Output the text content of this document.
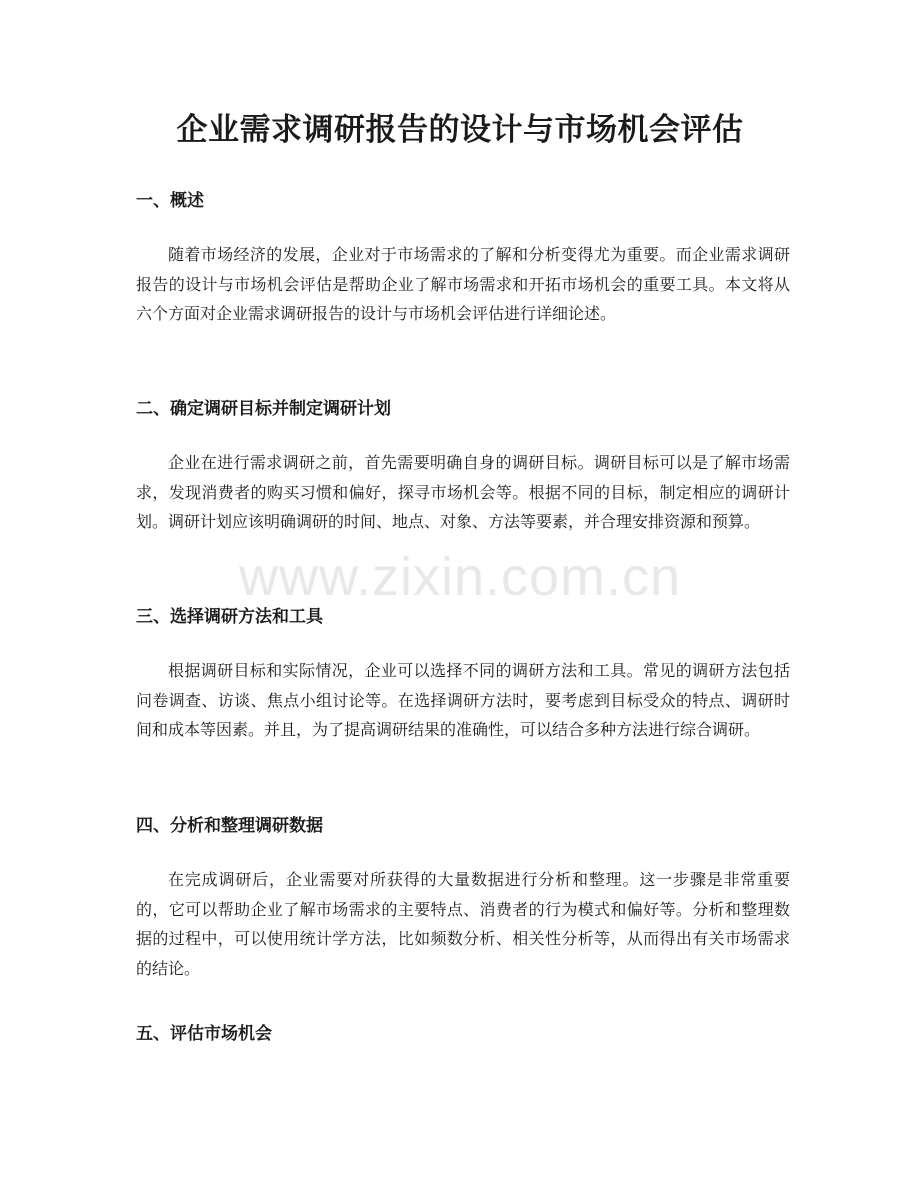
企业需求调研报告的设计与市场机会评估
一、概述

随着市场经济的发展，企业对于市场需求的了解和分析变得尤为重要。而企业需求调研报告的设计与市场机会评估是帮助企业了解市场需求和开拓市场机会的重要工具。本文将从六个方面对企业需求调研报告的设计与市场机会评估进行详细论述。

二、确定调研目标并制定调研计划

企业在进行需求调研之前，首先需要明确自身的调研目标。调研目标可以是了解市场需求，发现消费者的购买习惯和偏好，探寻市场机会等。根据不同的目标，制定相应的调研计划。调研计划应该明确调研的时间、地点、对象、方法等要素，并合理安排资源和预算。

三、选择调研方法和工具

根据调研目标和实际情况，企业可以选择不同的调研方法和工具。常见的调研方法包括问卷调查、访谈、焦点小组讨论等。在选择调研方法时，要考虑到目标受众的特点、调研时间和成本等因素。并且，为了提高调研结果的准确性，可以结合多种方法进行综合调研。

四、分析和整理调研数据

在完成调研后，企业需要对所获得的大量数据进行分析和整理。这一步骤是非常重要的，它可以帮助企业了解市场需求的主要特点、消费者的行为模式和偏好等。分析和整理数据的过程中，可以使用统计学方法，比如频数分析、相关性分析等，从而得出有关市场需求的结论。

五、评估市场机会
www.zixin.com.cn
